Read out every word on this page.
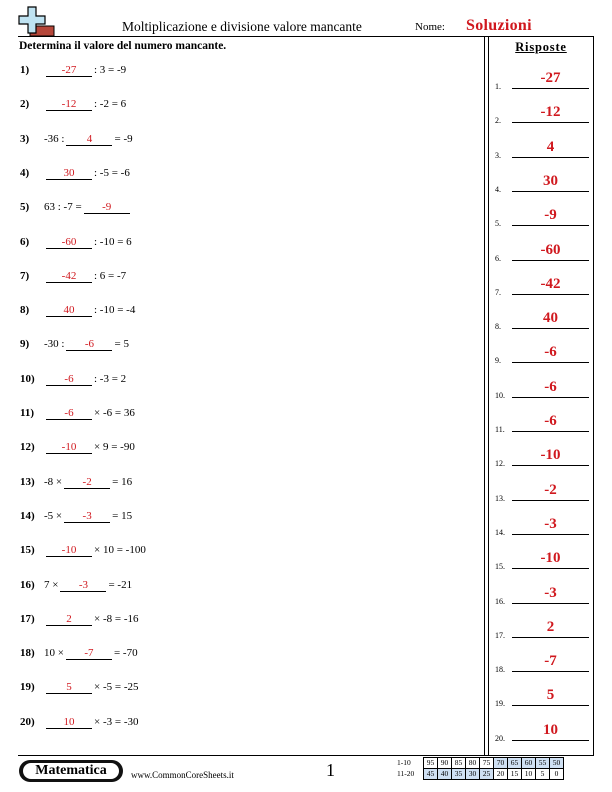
Moltiplicazione e divisione valore mancante	Nome: Soluzioni
Determina il valore del numero mancante.	Risposte
1)	-27 : 3 = -9
2)	-12 : -2 = 6
3) -36 : 4 = -9
4)	30 : -5 = -6
5) 63 : -7 = -9
6)	-60 : -10 = 6
7)	-42 : 6 = -7
8)	40 : -10 = -4
9) -30 : -6 = 5
10)	-6 : -3 = 2
11)	-6 × -6 = 36
12) -10 × 9 = -90
13) -8 × -2 = 16
14) -5 × -3 = 15
15) -10 × 10 = -100
16) 7 × -3 = -21
17)	2 × -8 = -16
18) 10 × -7 = -70
19)	5 × -5 = -25
20)	10 × -3 = -30
1.
-27
2.
-12
3.
4
4.
30
5.
-9
6.
-60
7.
-42
8.
40
9.
-6
10.
-6
11.
-6
12.
-10
13.
-2
14.
-3
15.
-10
16.
-3
17.
2
18.
-7
19.
5
20.
10
Matematica	www.CommonCoreSheets.it	1	1-10	95	90	85	80	75	70	65	60	55	50
11-20	45	40	35	30	25	20	15	10	5	0
